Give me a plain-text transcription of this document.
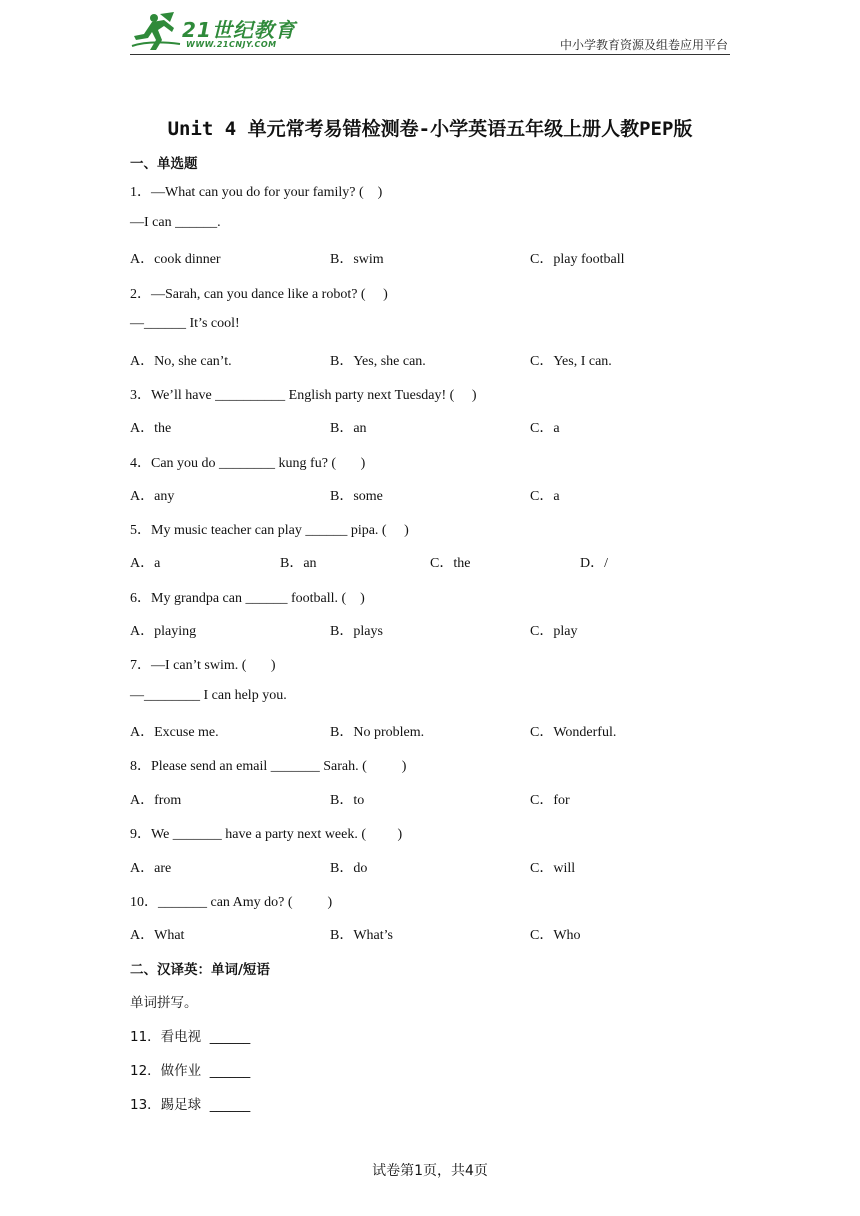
21世纪教育
WWW.21CNJY.COM	中小学教育资源及组卷应用平台
Unit 4 单元常考易错检测卷-小学英语五年级上册人教PEP版
一、单选题
1．—What can you do for your family? (    )
—I can ______.
A．cook dinner	B．swim	C．play football
2．—Sarah, can you dance like a robot? (     )
—______ It’s cool!
A．No, she can’t.	B．Yes, she can.	C．Yes, I can.
3．We’ll have __________ English party next Tuesday! (     )
A．the	B．an	C．a
4．Can you do ________ kung fu? (       )
A．any	B．some	C．a
5．My music teacher can play ______ pipa. (     )
A．a	B．an	C．the	D．/
6．My grandpa can ______ football. (    )
A．playing	B．plays	C．play
7．—I can’t swim. (       )
—________ I can help you.
A．Excuse me.	B．No problem.	C．Wonderful.
8．Please send an email _______ Sarah. (          )
A．from	B．to	C．for
9．We _______ have a party next week. (         )
A．are	B．do	C．will
10．_______ can Amy do? (          )
A．What	B．What’s	C．Who
二、汉译英：单词/短语
单词拼写。
11．看电视  ______
12．做作业  ______
13．踢足球  ______
试卷第1页，共4页
